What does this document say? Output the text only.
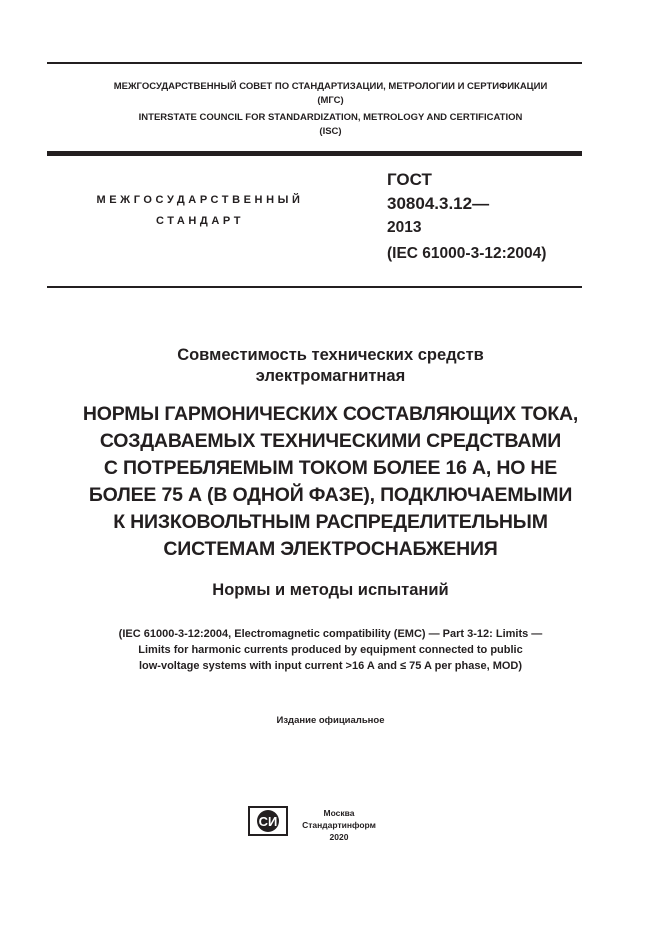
МЕЖГОСУДАРСТВЕННЫЙ СОВЕТ ПО СТАНДАРТИЗАЦИИ, МЕТРОЛОГИИ И СЕРТИФИКАЦИИ
(МГС)
INTERSTATE COUNCIL FOR STANDARDIZATION, METROLOGY AND CERTIFICATION
(ISC)
МЕЖГОСУДАРСТВЕННЫЙ
СТАНДАРТ
ГОСТ
30804.3.12—
2013
(IEC 61000-3-12:2004)
Совместимость технических средств
электромагнитная
НОРМЫ ГАРМОНИЧЕСКИХ СОСТАВЛЯЮЩИХ ТОКА,
СОЗДАВАЕМЫХ ТЕХНИЧЕСКИМИ СРЕДСТВАМИ
С ПОТРЕБЛЯЕМЫМ ТОКОМ БОЛЕЕ 16 А, НО НЕ
БОЛЕЕ 75 А (В ОДНОЙ ФАЗЕ), ПОДКЛЮЧАЕМЫМИ
К НИЗКОВОЛЬТНЫМ РАСПРЕДЕЛИТЕЛЬНЫМ
СИСТЕМАМ ЭЛЕКТРОСНАБЖЕНИЯ
Нормы и методы испытаний
(IEC 61000-3-12:2004, Electromagnetic compatibility (EMC) — Part 3-12: Limits —
Limits for harmonic currents produced by equipment connected to public
low-voltage systems with input current >16 A and ≤ 75 A per phase, MOD)
Издание официальное
СИ
Москва
Стандартинформ
2020
